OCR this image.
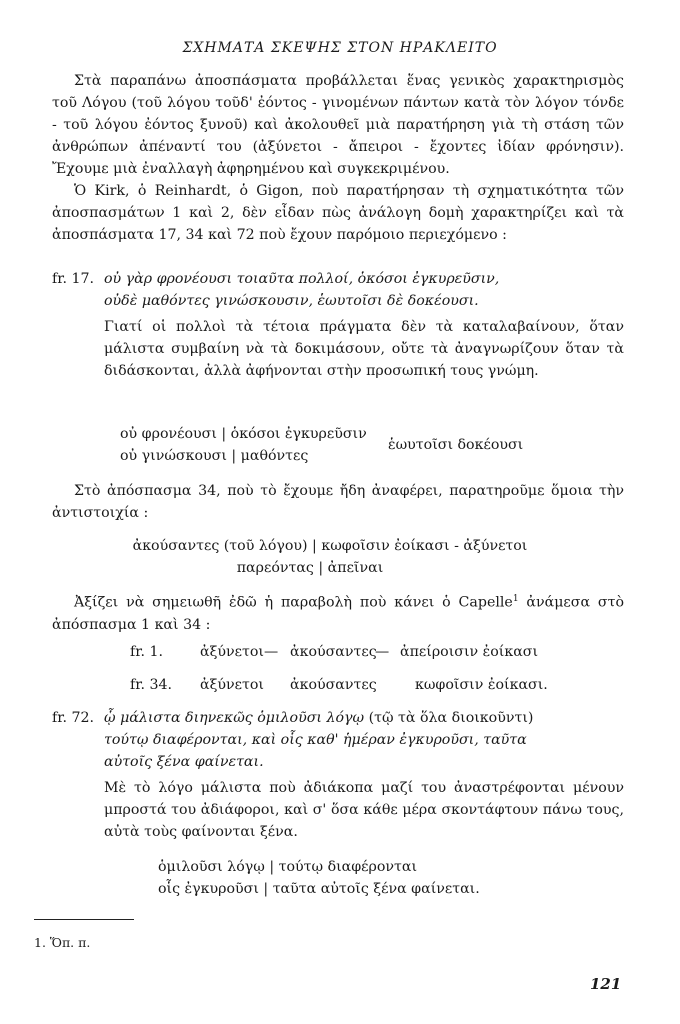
ΣΧΗΜΑΤΑ ΣΚΕΨΗΣ ΣΤΟΝ ΗΡΑΚΛΕΙΤΟ

Στὰ παραπάνω ἀποσπάσματα προβάλλεται ἕνας γενικὸς χαρακτηρισμὸς τοῦ Λόγου (τοῦ λόγου τοῦδ' ἐόντος - γινομένων πάντων κατὰ τὸν λόγον τόνδε - τοῦ λόγου ἐόντος ξυνοῦ) καὶ ἀκολουθεῖ μιὰ παρατήρηση γιὰ τὴ στάση τῶν ἀνθρώπων ἀπέναντί του (ἀξύνετοι - ἄπειροι - ἔχοντες ἰδίαν φρόνησιν). Ἔχουμε μιὰ ἐναλλαγὴ ἀφηρημένου καὶ συγκεκριμένου.

Ὁ Kirk, ὁ Reinhardt, ὁ Gigon, ποὺ παρατήρησαν τὴ σχηματικότητα τῶν ἀποσπασμάτων 1 καὶ 2, δὲν εἶδαν πὼς ἀνάλογη δομὴ χαρακτηρίζει καὶ τὰ ἀποσπάσματα 17, 34 καὶ 72 ποὺ ἔχουν παρόμοιο περιεχόμενο :

fr. 17. οὐ γὰρ φρονέουσι τοιαῦτα πολλοί, ὁκόσοι ἐγκυρεῦσιν,
οὐδὲ μαθόντες γινώσκουσιν, ἑωυτοῖσι δὲ δοκέουσι.
Γιατί οἱ πολλοὶ τὰ τέτοια πράγματα δὲν τὰ καταλαβαίνουν, ὅταν μάλιστα συμβαίνη νὰ τὰ δοκιμάσουν, οὔτε τὰ ἀναγνωρίζουν ὅταν τὰ διδάσκονται, ἀλλὰ ἀφήνονται στὴν προσωπική τους γνώμη.
οὐ φρονέουσι | ὁκόσοι ἐγκυρεῦσιν
οὐ γινώσκουσι | μαθόντες
ἑωυτοῖσι δοκέουσι

Στὸ ἀπόσπασμα 34, ποὺ τὸ ἔχουμε ἤδη ἀναφέρει, παρατηροῦμε ὅμοια τὴν ἀντιστοιχία :

ἀκούσαντες (τοῦ λόγου) | κωφοῖσιν ἐοίκασι - ἀξύνετοι
παρεόντας | ἀπεῖναι

Ἀξίζει νὰ σημειωθῆ ἐδῶ ἡ παραβολὴ ποὺ κάνει ὁ Capelle$^1$ ἀνάμεσα στὸ ἀπόσπασμα 1 καὶ 34 :

fr. 1.	ἀξύνετοι — ἀκούσαντες
— ἀπείροισιν ἐοίκασι
fr. 34. ἀξύνετοι ἀκούσαντες	κωφοῖσιν ἐοίκασι.
fr. 72. ᾧ μάλιστα διηνεκῶς ὁμιλοῦσι λόγῳ (τῷ τὰ ὅλα διοικοῦντι)
τούτῳ διαφέρονται, καὶ οἷς καθ' ἡμέραν ἐγκυροῦσι, ταῦτα
αὐτοῖς ξένα φαίνεται.
Μὲ τὸ λόγο μάλιστα ποὺ ἀδιάκοπα μαζί του ἀναστρέφονται μένουν μπροστά του ἀδιάφοροι, καὶ σ' ὅσα κάθε μέρα σκοντάφτουν πάνω τους, αὐτὰ τοὺς φαίνονται ξένα.
ὁμιλοῦσι λόγῳ | τούτῳ διαφέρονται
οἷς ἐγκυροῦσι | ταῦτα αὐτοῖς ξένα φαίνεται.
1. Ὅπ. π.
121
